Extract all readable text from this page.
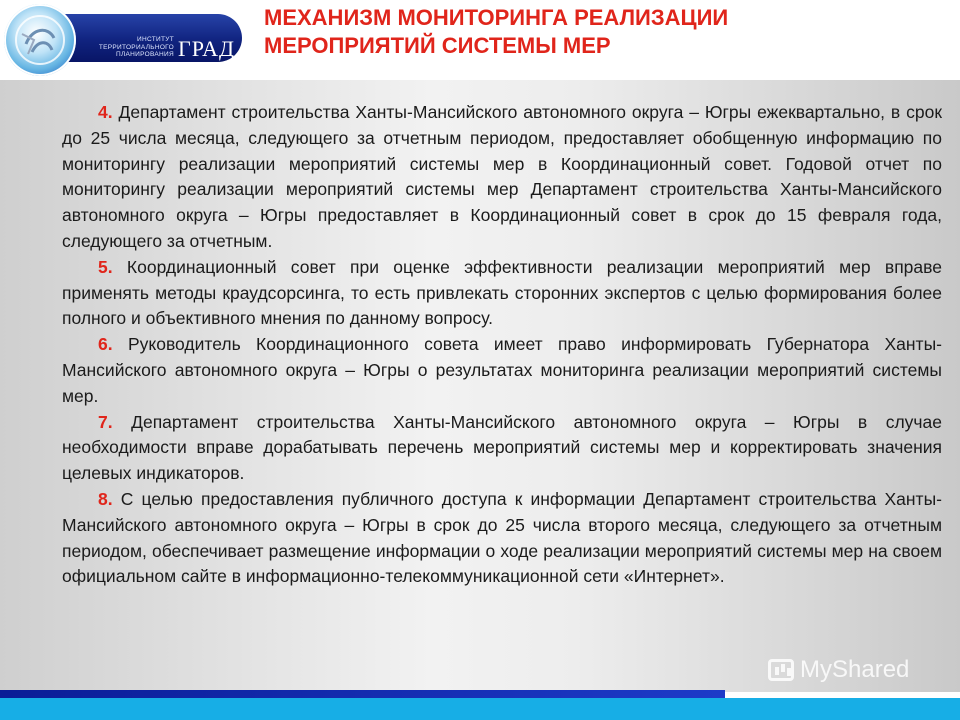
ИНСТИТУТ
ТЕРРИТОРИАЛЬНОГО
ПЛАНИРОВАНИЯ ГРАД
МЕХАНИЗМ МОНИТОРИНГА РЕАЛИЗАЦИИ
МЕРОПРИЯТИЙ СИСТЕМЫ МЕР

4. Департамент строительства Ханты-Мансийского автономного округа – Югры ежеквартально, в срок до 25 числа месяца, следующего за отчетным периодом, предоставляет обобщенную информацию по мониторингу реализации мероприятий системы мер в Координационный совет. Годовой отчет по мониторингу реализации мероприятий системы мер Департамент строительства Ханты-Мансийского автономного округа – Югры предоставляет в Координационный совет в срок до 15 февраля года, следующего за отчетным.

5. Координационный совет при оценке эффективности реализации мероприятий мер вправе применять методы краудсорсинга, то есть привлекать сторонних экспертов с целью формирования более полного и объективного мнения по данному вопросу.

6. Руководитель Координационного совета имеет право информировать Губернатора Ханты-Мансийского автономного округа – Югры о результатах мониторинга реализации мероприятий системы мер.

7. Департамент строительства Ханты-Мансийского автономного округа – Югры в случае необходимости вправе дорабатывать перечень мероприятий системы мер и корректировать значения целевых индикаторов.

8. С целью предоставления публичного доступа к информации Департамент строительства Ханты-Мансийского автономного округа – Югры в срок до 25 числа второго месяца, следующего за отчетным периодом, обеспечивает размещение информации о ходе реализации мероприятий системы мер на своем официальном сайте в информационно-телекоммуникационной сети «Интернет».

MyShared
